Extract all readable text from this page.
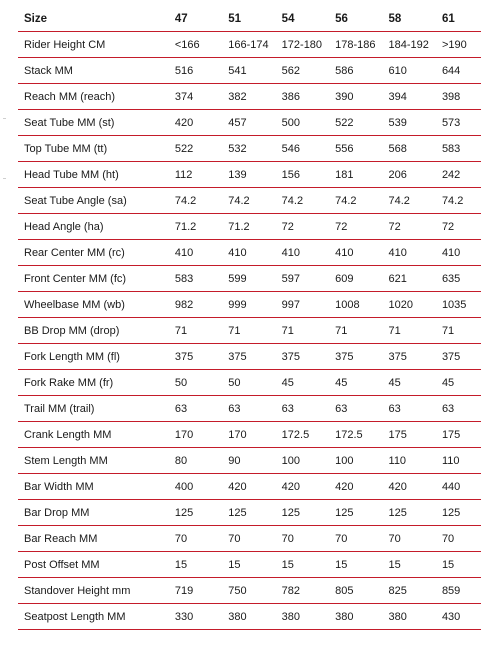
Size	47	51	54	56	58	61
Rider Height CM	<166	166-174	172-180	178-186	184-192	>190
Stack MM	516	541	562	586	610	644
Reach MM (reach)	374	382	386	390	394	398
Seat Tube MM (st)	420	457	500	522	539	573
Top Tube MM (tt)	522	532	546	556	568	583
Head Tube MM (ht)	112	139	156	181	206	242
Seat Tube Angle (sa)	74.2	74.2	74.2	74.2	74.2	74.2
Head Angle (ha)	71.2	71.2	72	72	72	72
Rear Center MM (rc)	410	410	410	410	410	410
Front Center MM (fc)	583	599	597	609	621	635
Wheelbase MM (wb)	982	999	997	1008	1020	1035
BB Drop MM (drop)	71	71	71	71	71	71
Fork Length MM (fl)	375	375	375	375	375	375
Fork Rake MM (fr)	50	50	45	45	45	45
Trail MM (trail)	63	63	63	63	63	63
Crank Length MM	170	170	172.5	172.5	175	175
Stem Length MM	80	90	100	100	110	110
Bar Width MM	400	420	420	420	420	440
Bar Drop MM	125	125	125	125	125	125
Bar Reach MM	70	70	70	70	70	70
Post Offset MM	15	15	15	15	15	15
Standover Height mm	719	750	782	805	825	859
Seatpost Length MM	330	380	380	380	380	430
